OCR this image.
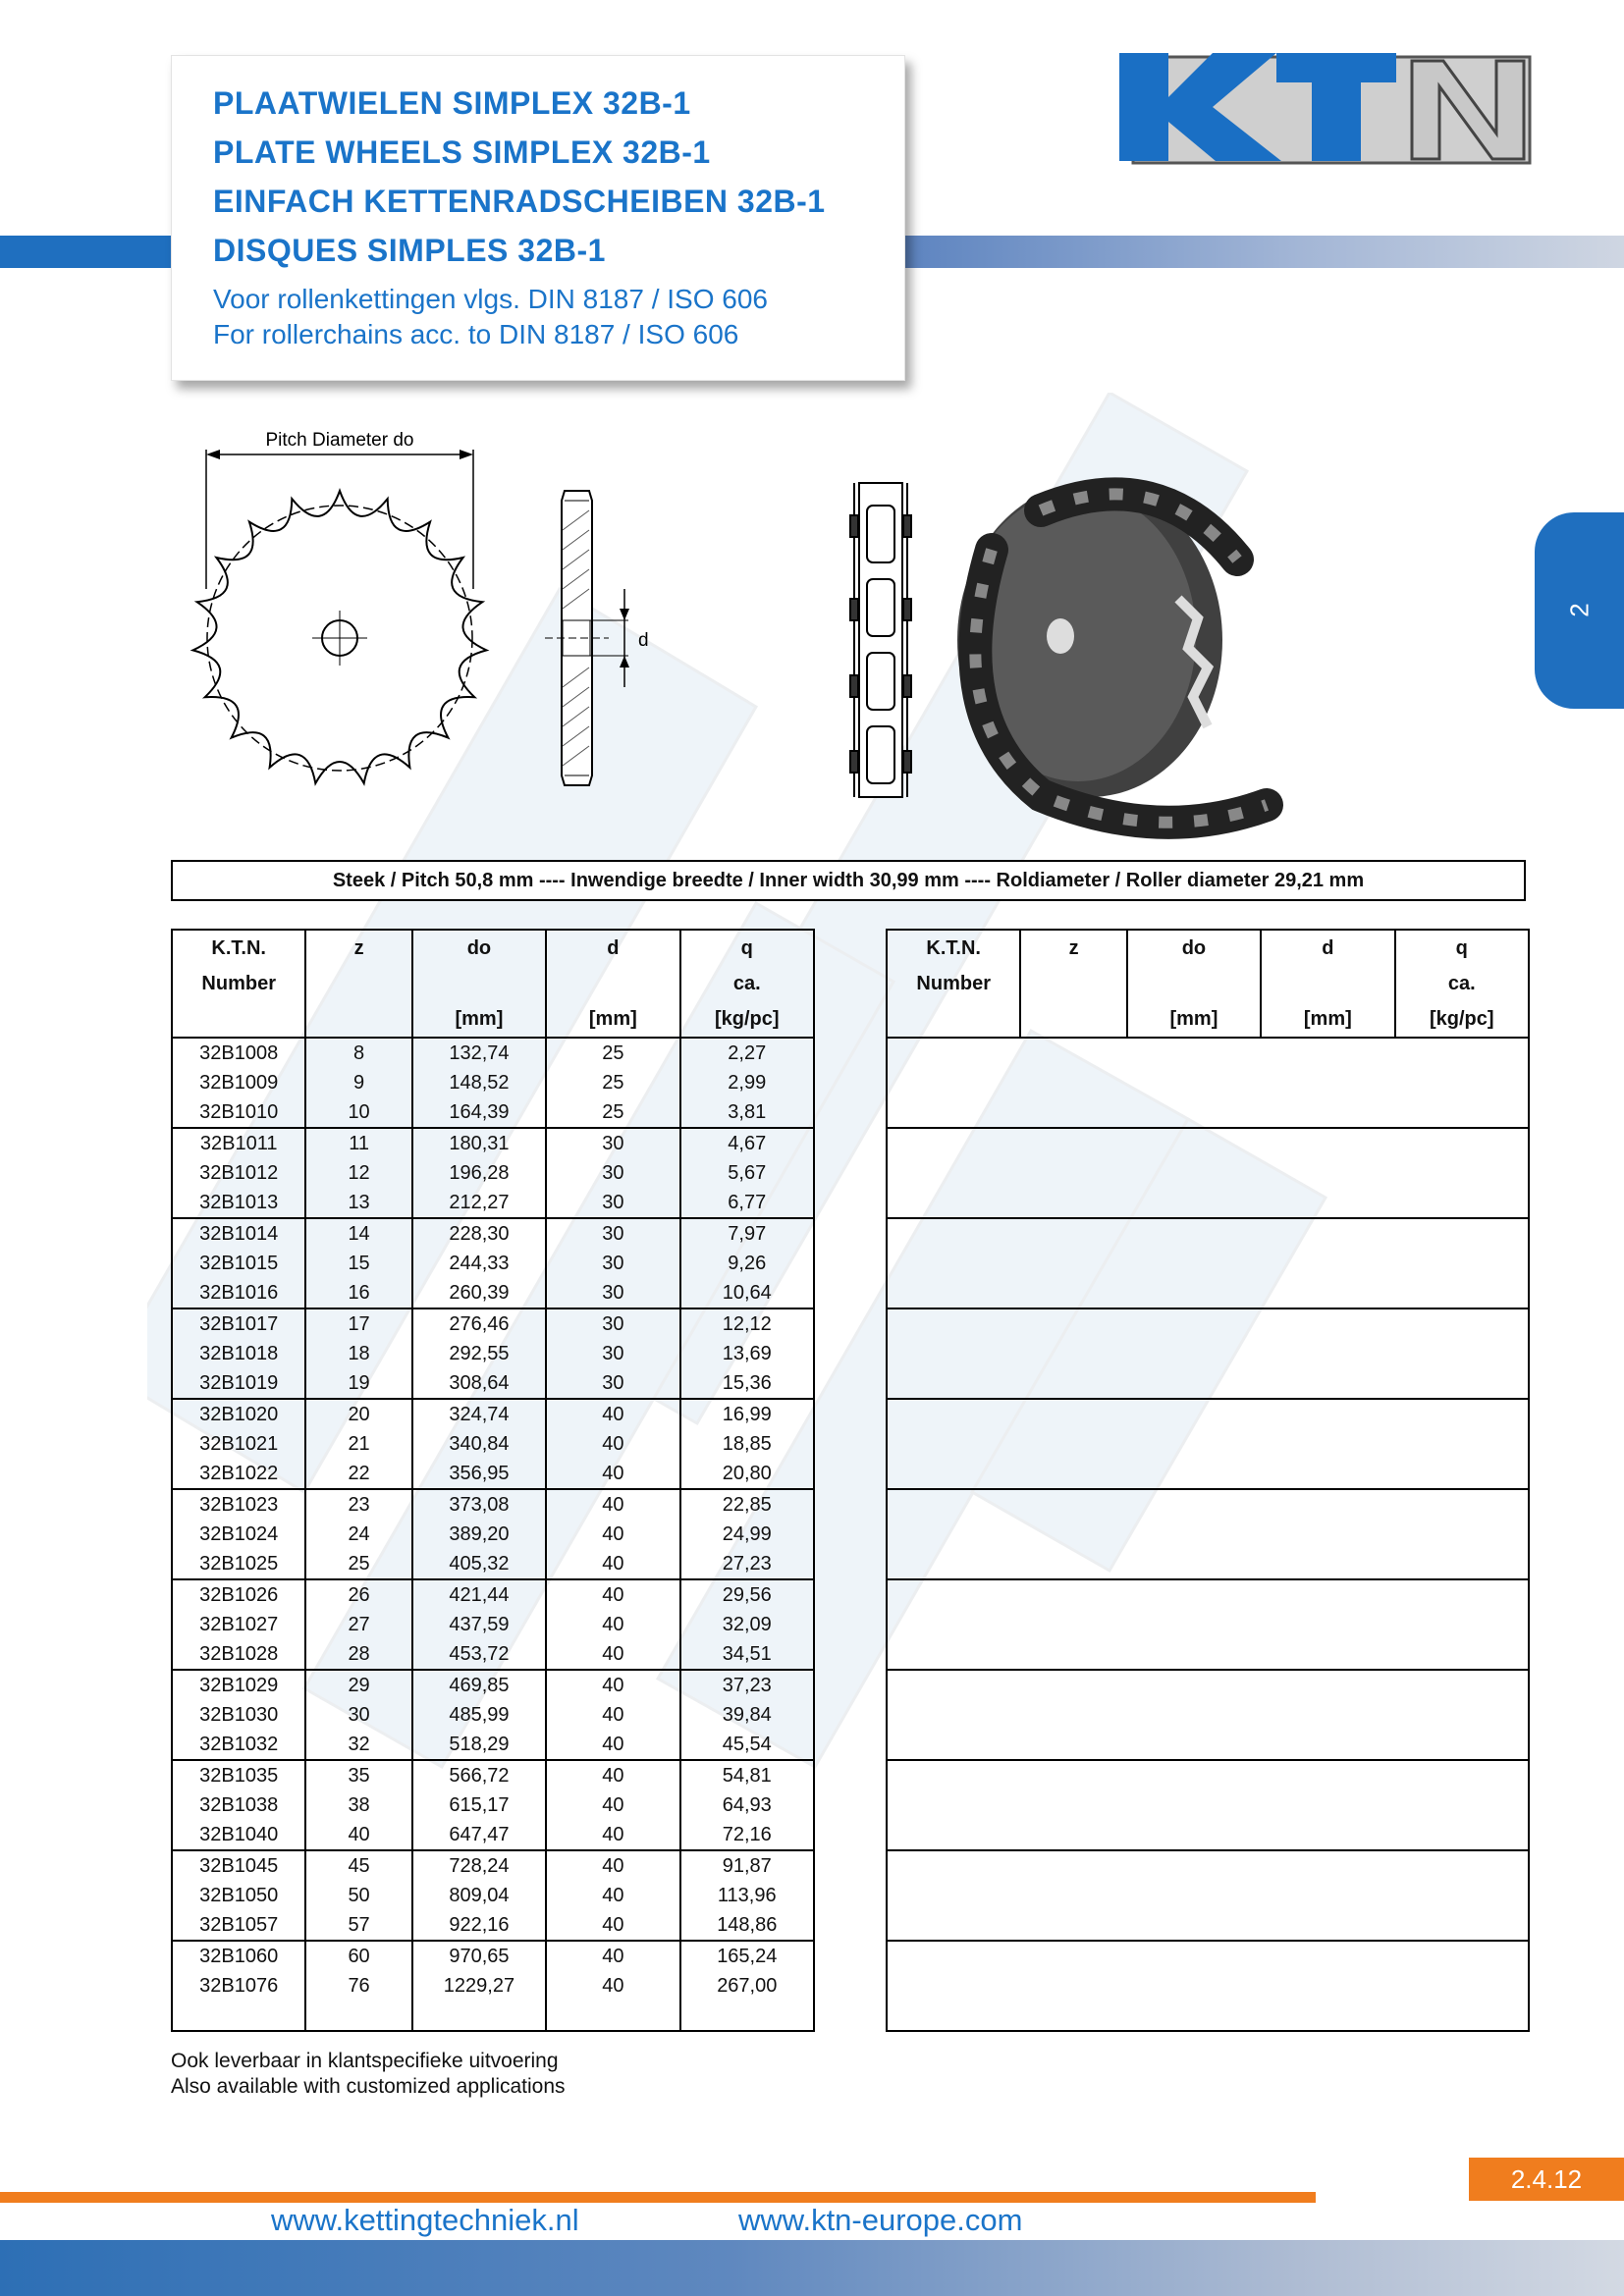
PLAATWIELEN SIMPLEX 32B-1
PLATE WHEELS SIMPLEX 32B-1
EINFACH KETTENRADSCHEIBEN 32B-1
DISQUES SIMPLES 32B-1
Voor rollenkettingen vlgs. DIN 8187 / ISO 606
For rollerchains acc. to DIN 8187 / ISO 606
2
Pitch Diameter do
d
Steek / Pitch 50,8 mm ---- Inwendige breedte / Inner width 30,99 mm ---- Roldiameter / Roller diameter 29,21 mm
K.T.N.	z	do	d	q
Number				ca.
		[mm]	[mm]	[kg/pc]
32B1008	8	132,74	25	2,27
32B1009	9	148,52	25	2,99
32B1010	10	164,39	25	3,81
32B1011	11	180,31	30	4,67
32B1012	12	196,28	30	5,67
32B1013	13	212,27	30	6,77
32B1014	14	228,30	30	7,97
32B1015	15	244,33	30	9,26
32B1016	16	260,39	30	10,64
32B1017	17	276,46	30	12,12
32B1018	18	292,55	30	13,69
32B1019	19	308,64	30	15,36
32B1020	20	324,74	40	16,99
32B1021	21	340,84	40	18,85
32B1022	22	356,95	40	20,80
32B1023	23	373,08	40	22,85
32B1024	24	389,20	40	24,99
32B1025	25	405,32	40	27,23
32B1026	26	421,44	40	29,56
32B1027	27	437,59	40	32,09
32B1028	28	453,72	40	34,51
32B1029	29	469,85	40	37,23
32B1030	30	485,99	40	39,84
32B1032	32	518,29	40	45,54
32B1035	35	566,72	40	54,81
32B1038	38	615,17	40	64,93
32B1040	40	647,47	40	72,16
32B1045	45	728,24	40	91,87
32B1050	50	809,04	40	113,96
32B1057	57	922,16	40	148,86
32B1060	60	970,65	40	165,24
32B1076	76	1229,27	40	267,00

K.T.N.	z	do	d	q
Number				ca.
		[mm]	[mm]	[kg/pc]

Ook leverbaar in klantspecifieke uitvoering
Also available with customized applications
2.4.12
www.kettingtechniek.nl	www.ktn-europe.com
